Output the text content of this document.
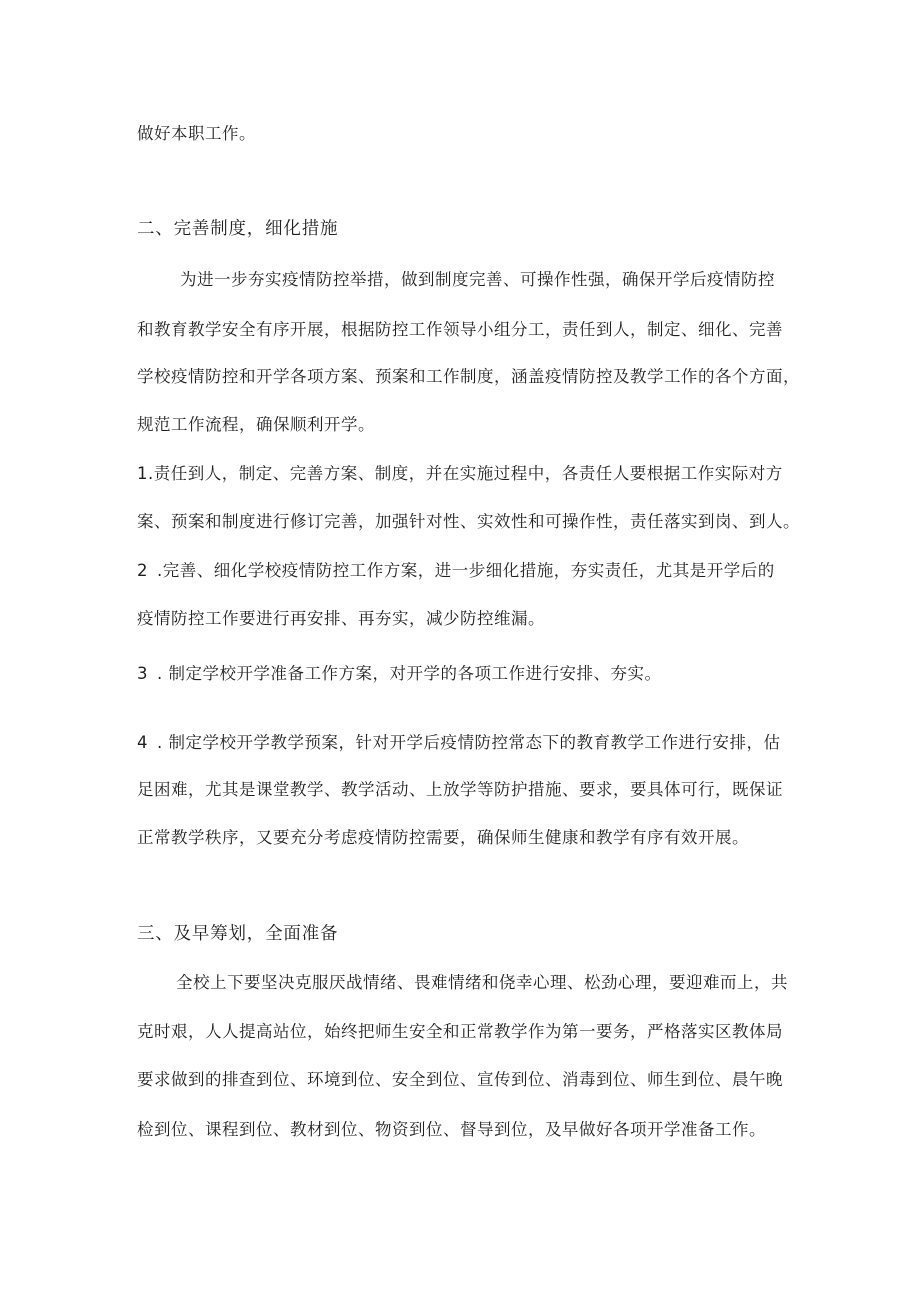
做好本职工作。
二、完善制度，细化措施
为进一步夯实疫情防控举措，做到制度完善、可操作性强，确保开学后疫情防控
和教育教学安全有序开展，根据防控工作领导小组分工，责任到人，制定、细化、完善
学校疫情防控和开学各项方案、预案和工作制度，涵盖疫情防控及教学工作的各个方面，
规范工作流程，确保顺利开学。
1.责任到人，制定、完善方案、制度，并在实施过程中，各责任人要根据工作实际对方
案、预案和制度进行修订完善，加强针对性、实效性和可操作性，责任落实到岗、到人。
2 .完善、细化学校疫情防控工作方案，进一步细化措施，夯实责任，尤其是开学后的
疫情防控工作要进行再安排、再夯实，减少防控维漏。
3 . 制定学校开学准备工作方案，对开学的各项工作进行安排、夯实。
4 . 制定学校开学教学预案，针对开学后疫情防控常态下的教育教学工作进行安排，估
足困难，尤其是课堂教学、教学活动、上放学等防护措施、要求，要具体可行，既保证
正常教学秩序，又要充分考虑疫情防控需要，确保师生健康和教学有序有效开展。
三、及早筹划，全面准备
全校上下要坚决克服厌战情绪、畏难情绪和侥幸心理、松劲心理，要迎难而上，共
克时艰，人人提高站位，始终把师生安全和正常教学作为第一要务，严格落实区教体局
要求做到的排查到位、环境到位、安全到位、宣传到位、消毒到位、师生到位、晨午晚
检到位、课程到位、教材到位、物资到位、督导到位，及早做好各项开学准备工作。
